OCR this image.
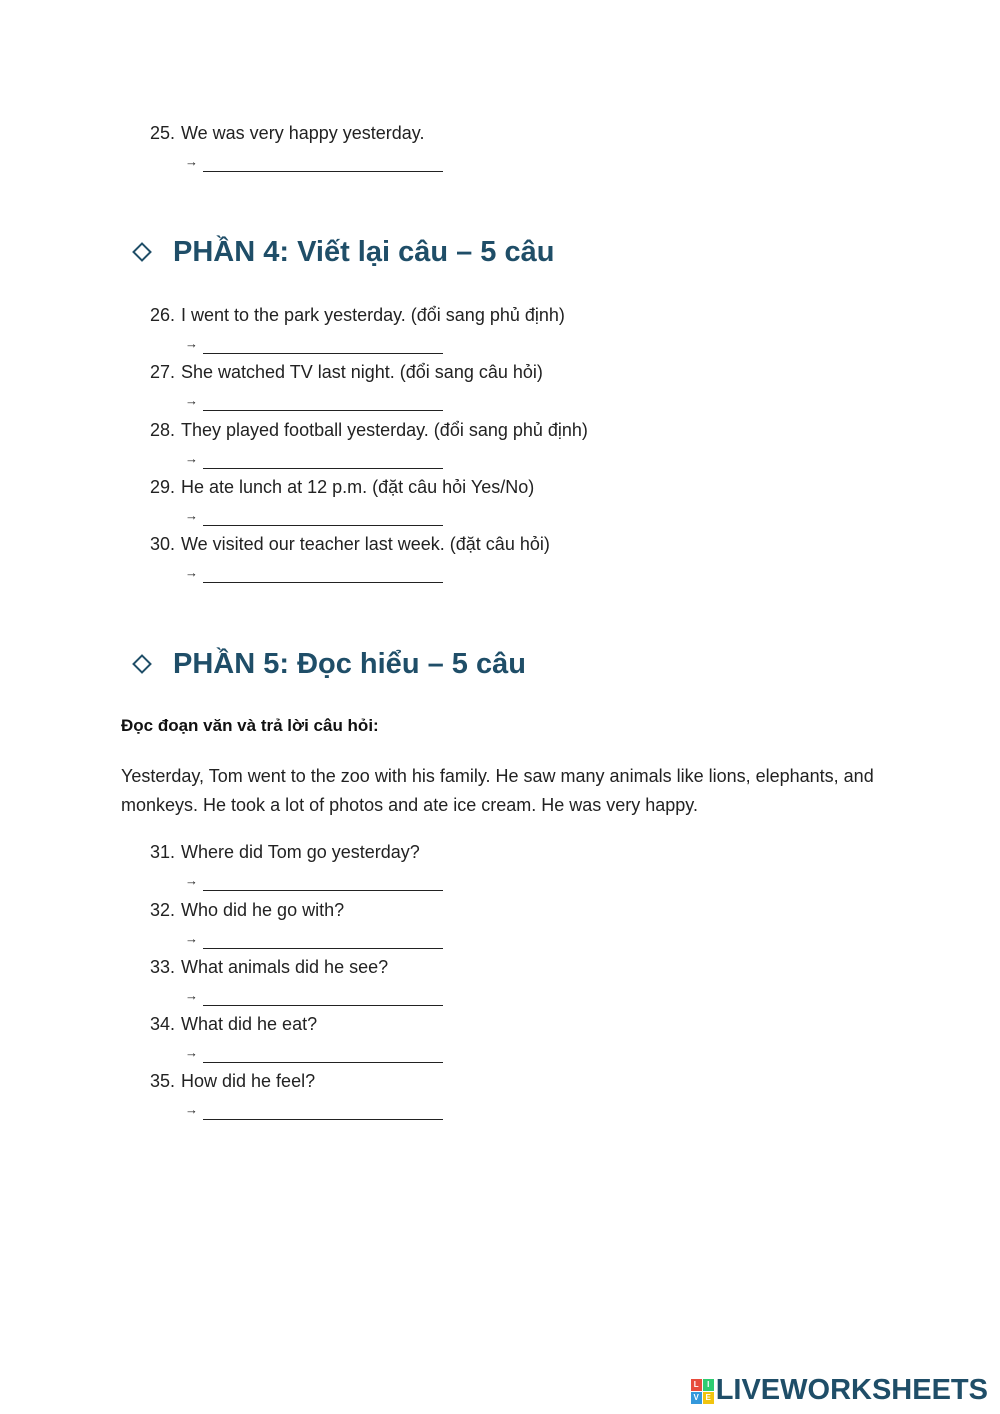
25. We was very happy yesterday.
→
PHẦN 4: Viết lại câu – 5 câu
26. I went to the park yesterday. (đổi sang phủ định)
→
27. She watched TV last night. (đổi sang câu hỏi)
→
28. They played football yesterday. (đổi sang phủ định)
→
29. He ate lunch at 12 p.m. (đặt câu hỏi Yes/No)
→
30. We visited our teacher last week. (đặt câu hỏi)
→
PHẦN 5: Đọc hiểu – 5 câu
Đọc đoạn văn và trả lời câu hỏi:
Yesterday, Tom went to the zoo with his family. He saw many animals like lions, elephants, and monkeys. He took a lot of photos and ate ice cream. He was very happy.
31. Where did Tom go yesterday?
→
32. Who did he go with?
→
33. What animals did he see?
→
34. What did he eat?
→
35. How did he feel?
→
L	I
V E LIVEWORKSHEETS
